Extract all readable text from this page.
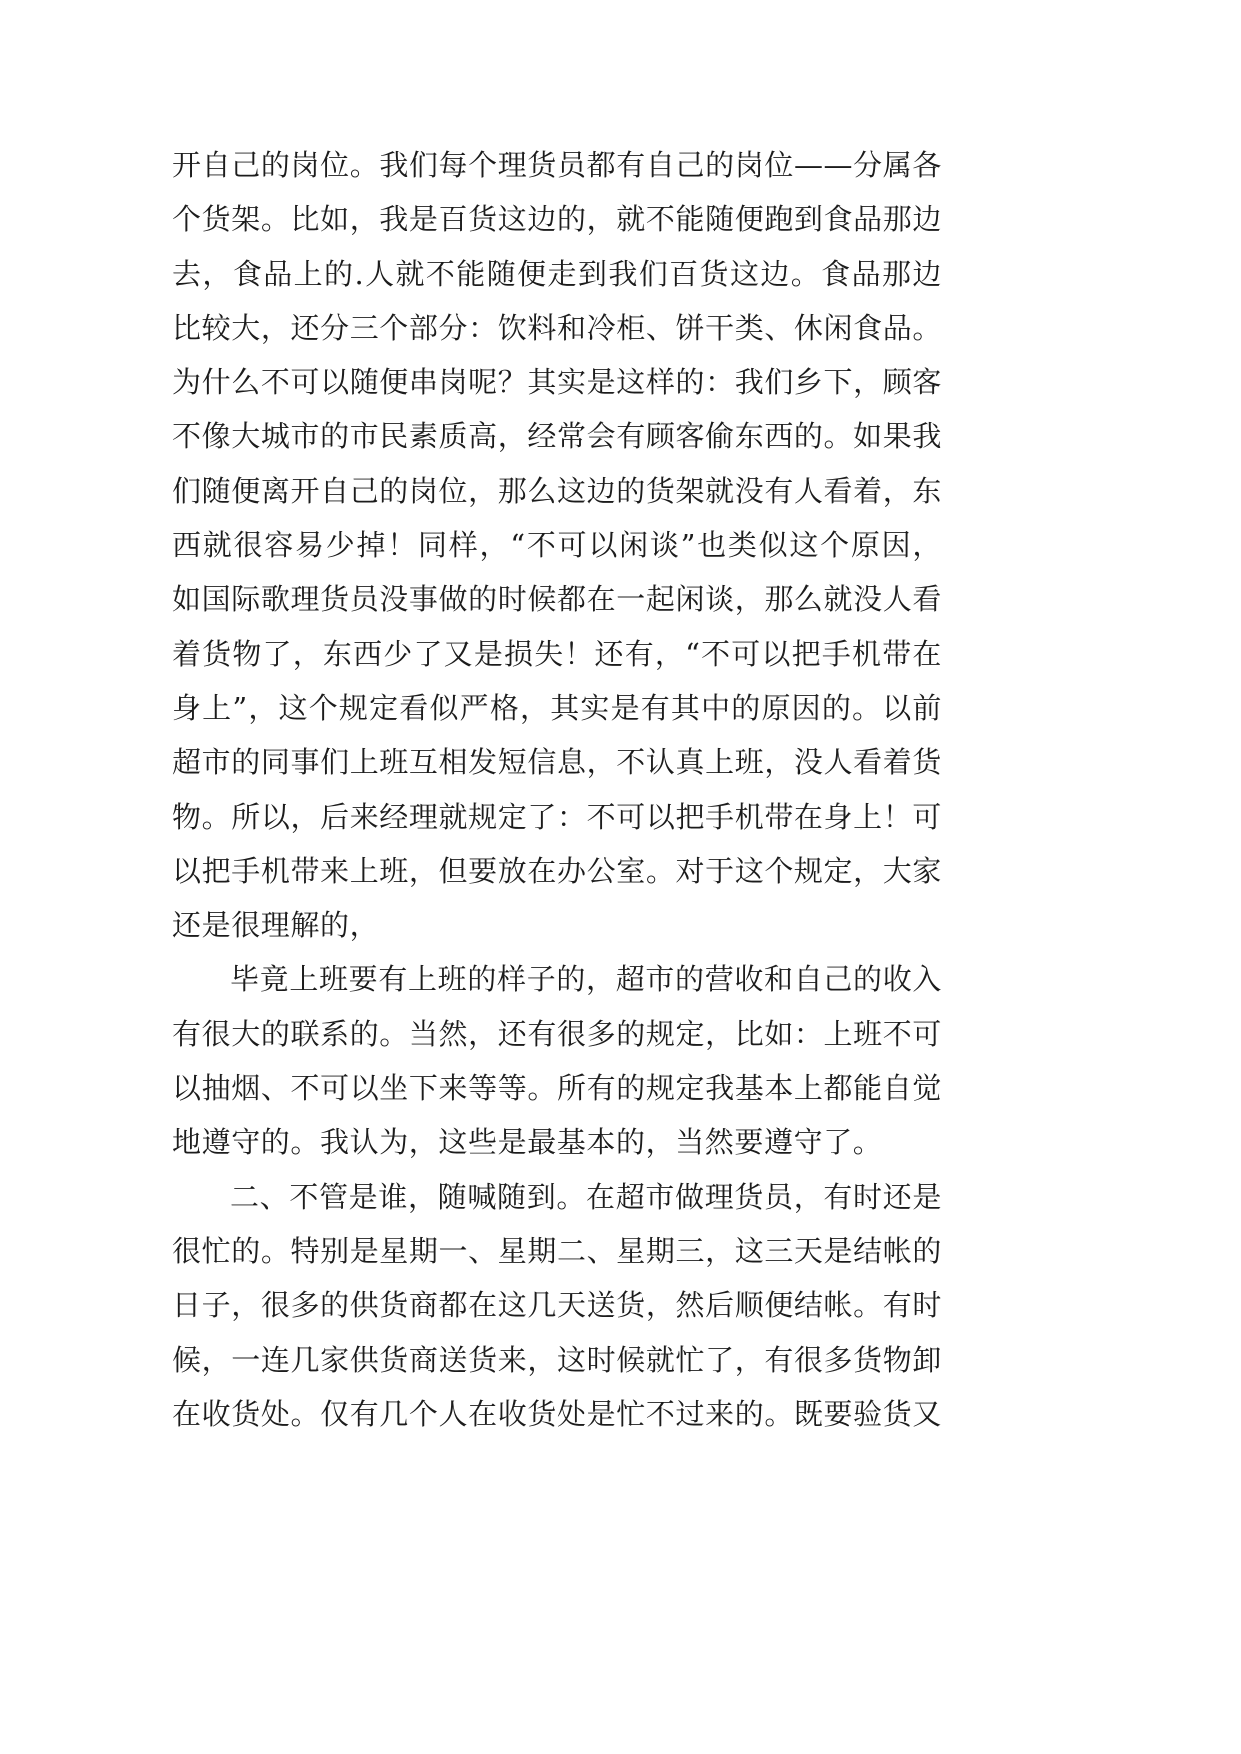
开自己的岗位。我们每个理货员都有自己的岗位——分属各
个货架。比如，我是百货这边的，就不能随便跑到食品那边
去，食品上的.人就不能随便走到我们百货这边。食品那边
比较大，还分三个部分：饮料和冷柜、饼干类、休闲食品。
为什么不可以随便串岗呢？其实是这样的：我们乡下，顾客
不像大城市的市民素质高，经常会有顾客偷东西的。如果我
们随便离开自己的岗位，那么这边的货架就没有人看着，东
西就很容易少掉！同样，“不可以闲谈”也类似这个原因，
如国际歌理货员没事做的时候都在一起闲谈，那么就没人看
着货物了，东西少了又是损失！还有，“不可以把手机带在
身上”，这个规定看似严格，其实是有其中的原因的。以前
超市的同事们上班互相发短信息，不认真上班，没人看着货
物。所以，后来经理就规定了：不可以把手机带在身上！可
以把手机带来上班，但要放在办公室。对于这个规定，大家
还是很理解的，
毕竟上班要有上班的样子的，超市的营收和自己的收入
有很大的联系的。当然，还有很多的规定，比如：上班不可
以抽烟、不可以坐下来等等。所有的规定我基本上都能自觉
地遵守的。我认为，这些是最基本的，当然要遵守了。
二、不管是谁，随喊随到。在超市做理货员，有时还是
很忙的。特别是星期一、星期二、星期三，这三天是结帐的
日子，很多的供货商都在这几天送货，然后顺便结帐。有时
候，一连几家供货商送货来，这时候就忙了，有很多货物卸
在收货处。仅有几个人在收货处是忙不过来的。既要验货又
